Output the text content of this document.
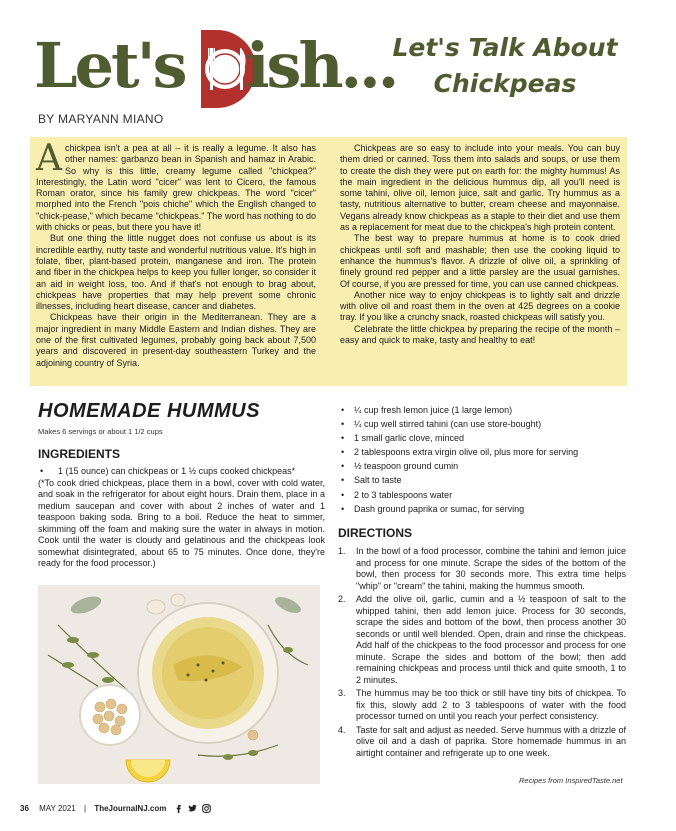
Let's ish...
Let's Talk About
Chickpeas
BY MARYANN MIANO

Achickpea isn't a pea at all – it is really a legume. It also has other names: garbanzo bean in Spanish and hamaz in Arabic. So why is this little, creamy legume called "chickpea?" Interestingly, the Latin word "cicer" was lent to Cicero, the famous Roman orator, since his family grew chickpeas. The word "cicer" morphed into the French "pois chiche" which the English changed to "chick-pease," which became "chickpeas." The word has nothing to do with chicks or peas, but there you have it!

But one thing the little nugget does not confuse us about is its incredible earthy, nutty taste and wonderful nutritious value. It's high in folate, fiber, plant-based protein, manganese and iron. The protein and fiber in the chickpea helps to keep you fuller longer, so consider it an aid in weight loss, too. And if that's not enough to brag about, chickpeas have properties that may help prevent some chronic illnesses, including heart disease, cancer and diabetes.

Chickpeas have their origin in the Mediterranean. They are a major ingredient in many Middle Eastern and Indian dishes. They are one of the first cultivated legumes, probably going back about 7,500 years and discovered in present-day southeastern Turkey and the adjoining country of Syria.

Chickpeas are so easy to include into your meals. You can buy them dried or canned. Toss them into salads and soups, or use them to create the dish they were put on earth for: the mighty hummus! As the main ingredient in the delicious hummus dip, all you'll need is some tahini, olive oil, lemon juice, salt and garlic. Try hummus as a tasty, nutritious alternative to butter, cream cheese and mayonnaise. Vegans already know chickpeas as a staple to their diet and use them as a replacement for meat due to the chickpea's high protein content.

The best way to prepare hummus at home is to cook dried chickpeas until soft and mashable; then use the cooking liquid to enhance the hummus's flavor. A drizzle of olive oil, a sprinkling of finely ground red pepper and a little parsley are the usual garnishes. Of course, if you are pressed for time, you can use canned chickpeas.

Another nice way to enjoy chickpeas is to lightly salt and drizzle with olive oil and roast them in the oven at 425 degrees on a cookie tray. If you like a crunchy snack, roasted chickpeas will satisfy you.

Celebrate the little chickpea by preparing the recipe of the month – easy and quick to make, tasty and healthy to eat!

HOMEMADE HUMMUS
Makes 6 servings or about 1 1/2 cups
INGREDIENTS
• 1 (15 ounce) can chickpeas or 1 ½ cups cooked chickpeas*
(*To cook dried chickpeas, place them in a bowl, cover with cold water, and soak in the refrigerator for about eight hours. Drain them, place in a medium saucepan and cover with about 2 inches of water and 1 teaspoon baking soda. Bring to a boil. Reduce the heat to simmer, skimming off the foam and making sure the water in always in motion. Cook until the water is cloudy and gelatinous and the chickpeas look somewhat disintegrated, about 65 to 75 minutes. Once done, they're ready for the food processor.)
• ¼ cup fresh lemon juice (1 large lemon)
• ¼ cup well stirred tahini (can use store-bought)
• 1 small garlic clove, minced
• 2 tablespoons extra virgin olive oil, plus more for serving
• ½ teaspoon ground cumin
• Salt to taste
• 2 to 3 tablespoons water
• Dash ground paprika or sumac, for serving
DIRECTIONS
1. In the bowl of a food processor, combine the tahini and lemon juice and process for one minute. Scrape the sides of the bottom of the bowl, then process for 30 seconds more. This extra time helps "whip" or "cream" the tahini, making the hummus smooth.
2. Add the olive oil, garlic, cumin and a ½ teaspoon of salt to the whipped tahini, then add lemon juice. Process for 30 seconds, scrape the sides and bottom of the bowl, then process another 30 seconds or until well blended. Open, drain and rinse the chickpeas. Add half of the chickpeas to the food processor and process for one minute. Scrape the sides and bottom of the bowl; then add remaining chickpeas and process until thick and quite smooth, 1 to 2 minutes.
3. The hummus may be too thick or still have tiny bits of chickpea. To fix this, slowly add 2 to 3 tablespoons of water with the food processor turned on until you reach your perfect consistency.
4. Taste for salt and adjust as needed. Serve hummus with a drizzle of olive oil and a dash of paprika. Store homemade hummus in an airtight container and refrigerate up to one week.
Recipes from InspiredTaste.net
36 MAY 2021 | TheJournalNJ.com
